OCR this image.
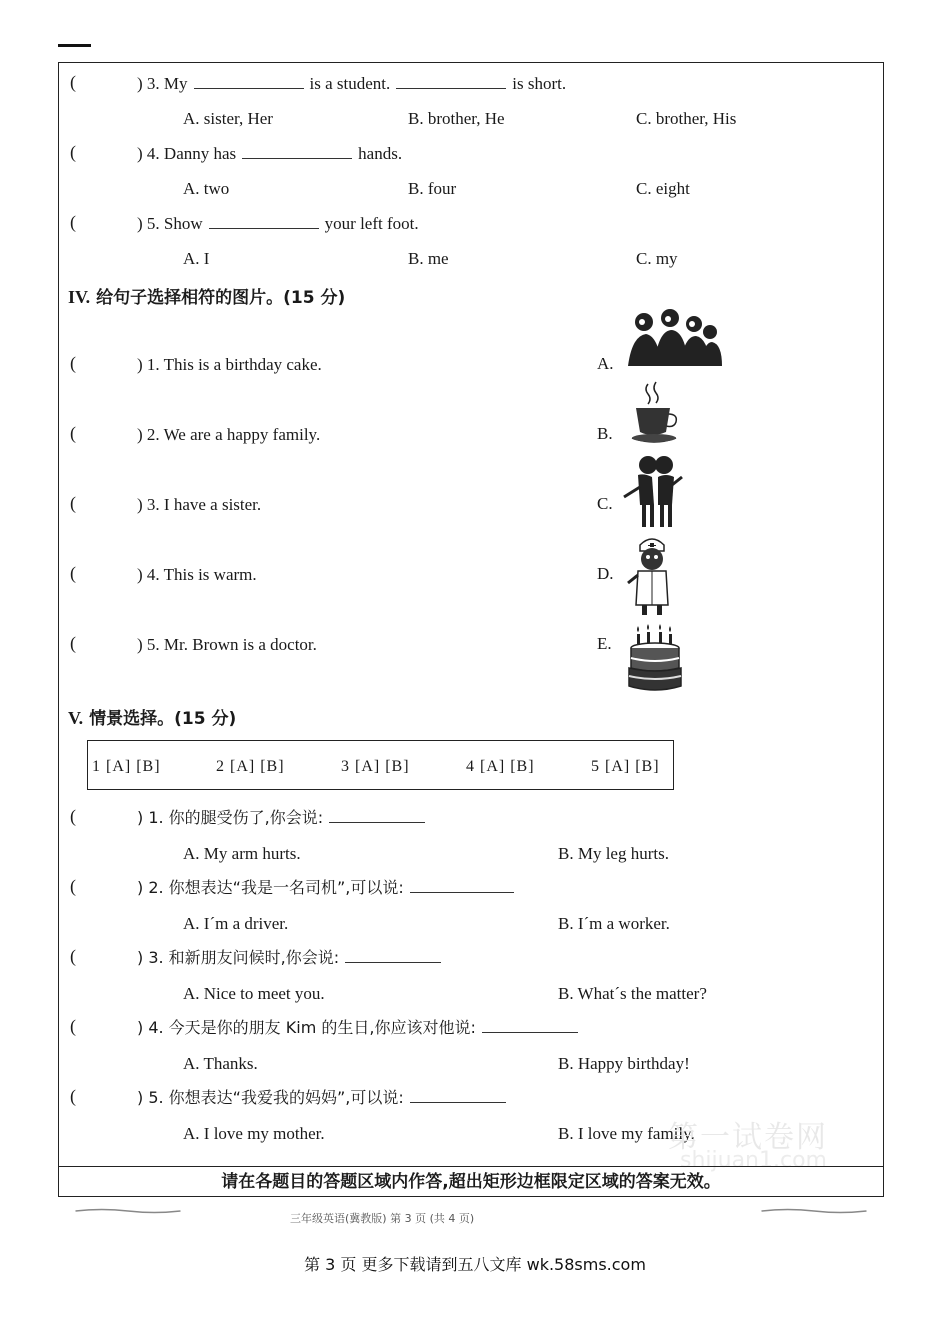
(	) 3. My	is a student.	is short.
A. sister, Her	B. brother, He	C. brother, His
(	) 4. Danny has	hands.
A. two	B. four	C. eight
(	) 5. Show	your left foot.
A. I	B. me	C. my
IV. 给句子选择相符的图片。(15 分)
(	) 1. This is a birthday cake.	A.
(	) 2. We are a happy family.	B.
(	) 3. I have a sister.	C.
(	) 4. This is warm.	D.
(	) 5. Mr. Brown is a doctor.	E.
V. 情景选择。(15 分)
1 [A] [B]	2 [A] [B]	3 [A] [B]	4 [A] [B]	5 [A] [B]
(	) 1. 你的腿受伤了,你会说:
A. My arm hurts.	B. My leg hurts.
(	) 2. 你想表达“我是一名司机”,可以说:
A. I´m a driver.	B. I´m a worker.
(	) 3. 和新朋友问候时,你会说:
A. Nice to meet you.	B. What´s the matter?
(	) 4. 今天是你的朋友 Kim 的生日,你应该对他说:
A. Thanks.	B. Happy birthday!
(	) 5. 你想表达“我爱我的妈妈”,可以说:
A. I love my mother.	B. I love my family.
第一试卷网
shijuan1.com
请在各题目的答题区域内作答,超出矩形边框限定区域的答案无效。
三年级英语(冀教版) 第 3 页 (共 4 页)
第 3 页 更多下载请到五八文库 wk.58sms.com
